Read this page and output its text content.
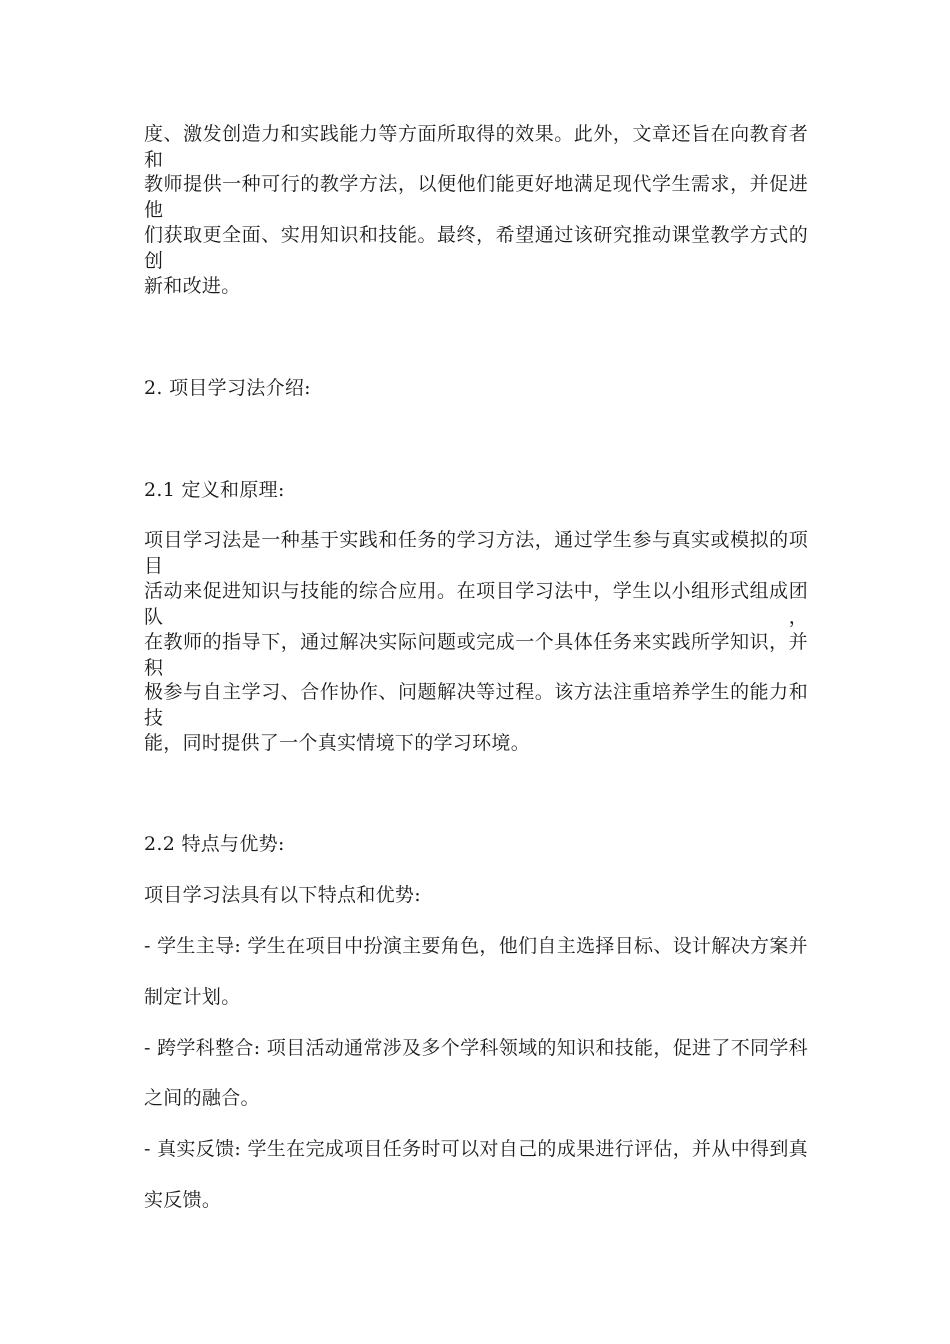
度、激发创造力和实践能力等方面所取得的效果。此外，文章还旨在向教育者和
教师提供一种可行的教学方法，以便他们能更好地满足现代学生需求，并促进他
们获取更全面、实用知识和技能。最终，希望通过该研究推动课堂教学方式的创
新和改进。
2. 项目学习法介绍:
2.1 定义和原理:
项目学习法是一种基于实践和任务的学习方法，通过学生参与真实或模拟的项目
活动来促进知识与技能的综合应用。在项目学习法中，学生以小组形式组成团队，
在教师的指导下，通过解决实际问题或完成一个具体任务来实践所学知识，并积
极参与自主学习、合作协作、问题解决等过程。该方法注重培养学生的能力和技
能，同时提供了一个真实情境下的学习环境。
2.2 特点与优势:
项目学习法具有以下特点和优势:
- 学生主导: 学生在项目中扮演主要角色，他们自主选择目标、设计解决方案并
制定计划。
- 跨学科整合: 项目活动通常涉及多个学科领域的知识和技能，促进了不同学科
之间的融合。
- 真实反馈: 学生在完成项目任务时可以对自己的成果进行评估，并从中得到真
实反馈。
